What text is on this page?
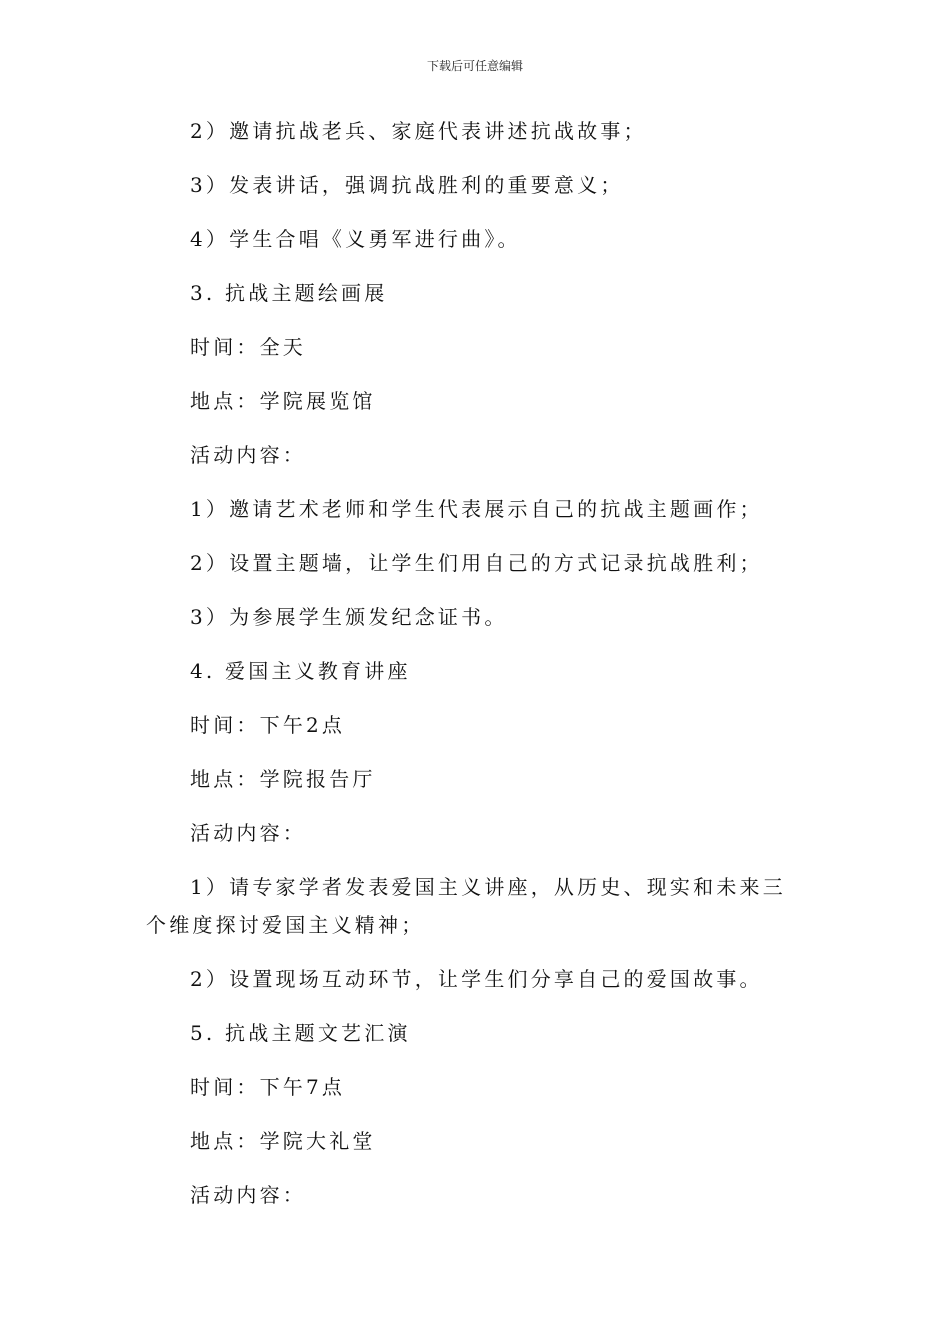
下载后可任意编辑
2）邀请抗战老兵、家庭代表讲述抗战故事；
3）发表讲话，强调抗战胜利的重要意义；
4）学生合唱《义勇军进行曲》。
3. 抗战主题绘画展
时间：全天
地点：学院展览馆
活动内容：
1）邀请艺术老师和学生代表展示自己的抗战主题画作；
2）设置主题墙，让学生们用自己的方式记录抗战胜利；
3）为参展学生颁发纪念证书。
4. 爱国主义教育讲座
时间：下午2点
地点：学院报告厅
活动内容：
1）请专家学者发表爱国主义讲座，从历史、现实和未来三个维度探讨爱国主义精神；
2）设置现场互动环节，让学生们分享自己的爱国故事。
5. 抗战主题文艺汇演
时间：下午7点
地点：学院大礼堂
活动内容：
